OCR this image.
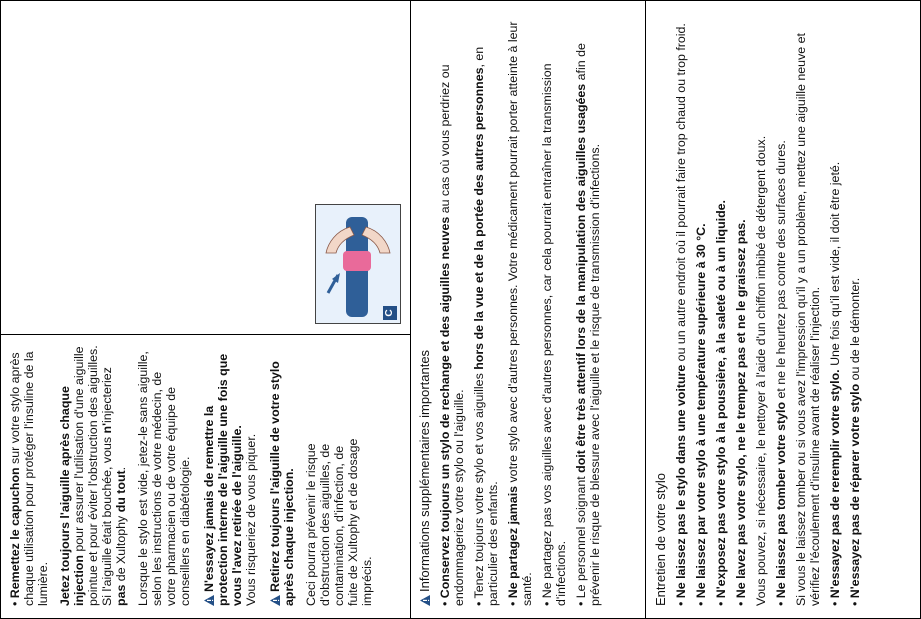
• Remettez le capuchon sur votre stylo après chaque utilisation pour protéger l'insuline de la lumière. Jetez toujours l'aiguille après chaque injection pour assurer l'utilisation d'une aiguille pointue et pour éviter l'obstruction des aiguilles. Si l'aiguille était bouchée, vous n'injecteriez pas de Xultophy du tout. Lorsque le stylo est vide, jetez-le sans aiguille, selon les instructions de votre médecin, de votre pharmacien ou de votre équipe de conseillers en diabétologie. N'essayez jamais de remettre la protection interne de l'aiguille une fois que vous l'avez retirée de l'aiguille.
Vous risqueriez de vous piquer. Retirez toujours l'aiguille de votre stylo après chaque injection. Ceci pourra prévenir le risque d'obstruction des aiguilles, de contamination, d'infection, de fuite de Xultophy et de dosage imprécis.

C

Informations supplémentaires importantes

• Conservez toujours un stylo de rechange et des aiguilles neuves au cas où vous perdriez ou endommageriez votre stylo ou l'aiguille. • Tenez toujours votre stylo et vos aiguilles hors de la vue et de la portée des autres personnes, en particulier des enfants. • Ne partagez jamais votre stylo avec d'autres personnes. Votre médicament pourrait porter atteinte à leur santé. • Ne partagez pas vos aiguilles avec d'autres personnes, car cela pourrait entraîner la transmission d'infections. • Le personnel soignant doit être très attentif lors de la manipulation des aiguilles usagées afin de prévenir le risque de blessure avec l'aiguille et le risque de transmission d'infections.	Entretien de votre stylo • Ne laissez pas le stylo dans une voiture ou un autre endroit où il pourrait faire trop chaud ou trop froid.

• Ne laissez par votre stylo à une température supérieure à 30 °C.

• N'exposez pas votre stylo à la poussière, à la saleté ou à un liquide.

• Ne lavez pas votre stylo, ne le trempez pas et ne le graissez pas. Vous pouvez, si nécessaire, le nettoyer à l'aide d'un chiffon imbibé de détergent doux. • Ne laissez pas tomber votre stylo et ne le heurtez pas contre des surfaces dures. Si vous le laissez tomber ou si vous avez l'impression qu'il y a un problème, mettez une aiguille neuve et vérifiez l'écoulement d'insuline avant de réaliser l'injection. • N'essayez pas de reremplir votre stylo. Une fois qu'il est vide, il doit être jeté.

• N'essayez pas de réparer votre stylo ou de le démonter.
